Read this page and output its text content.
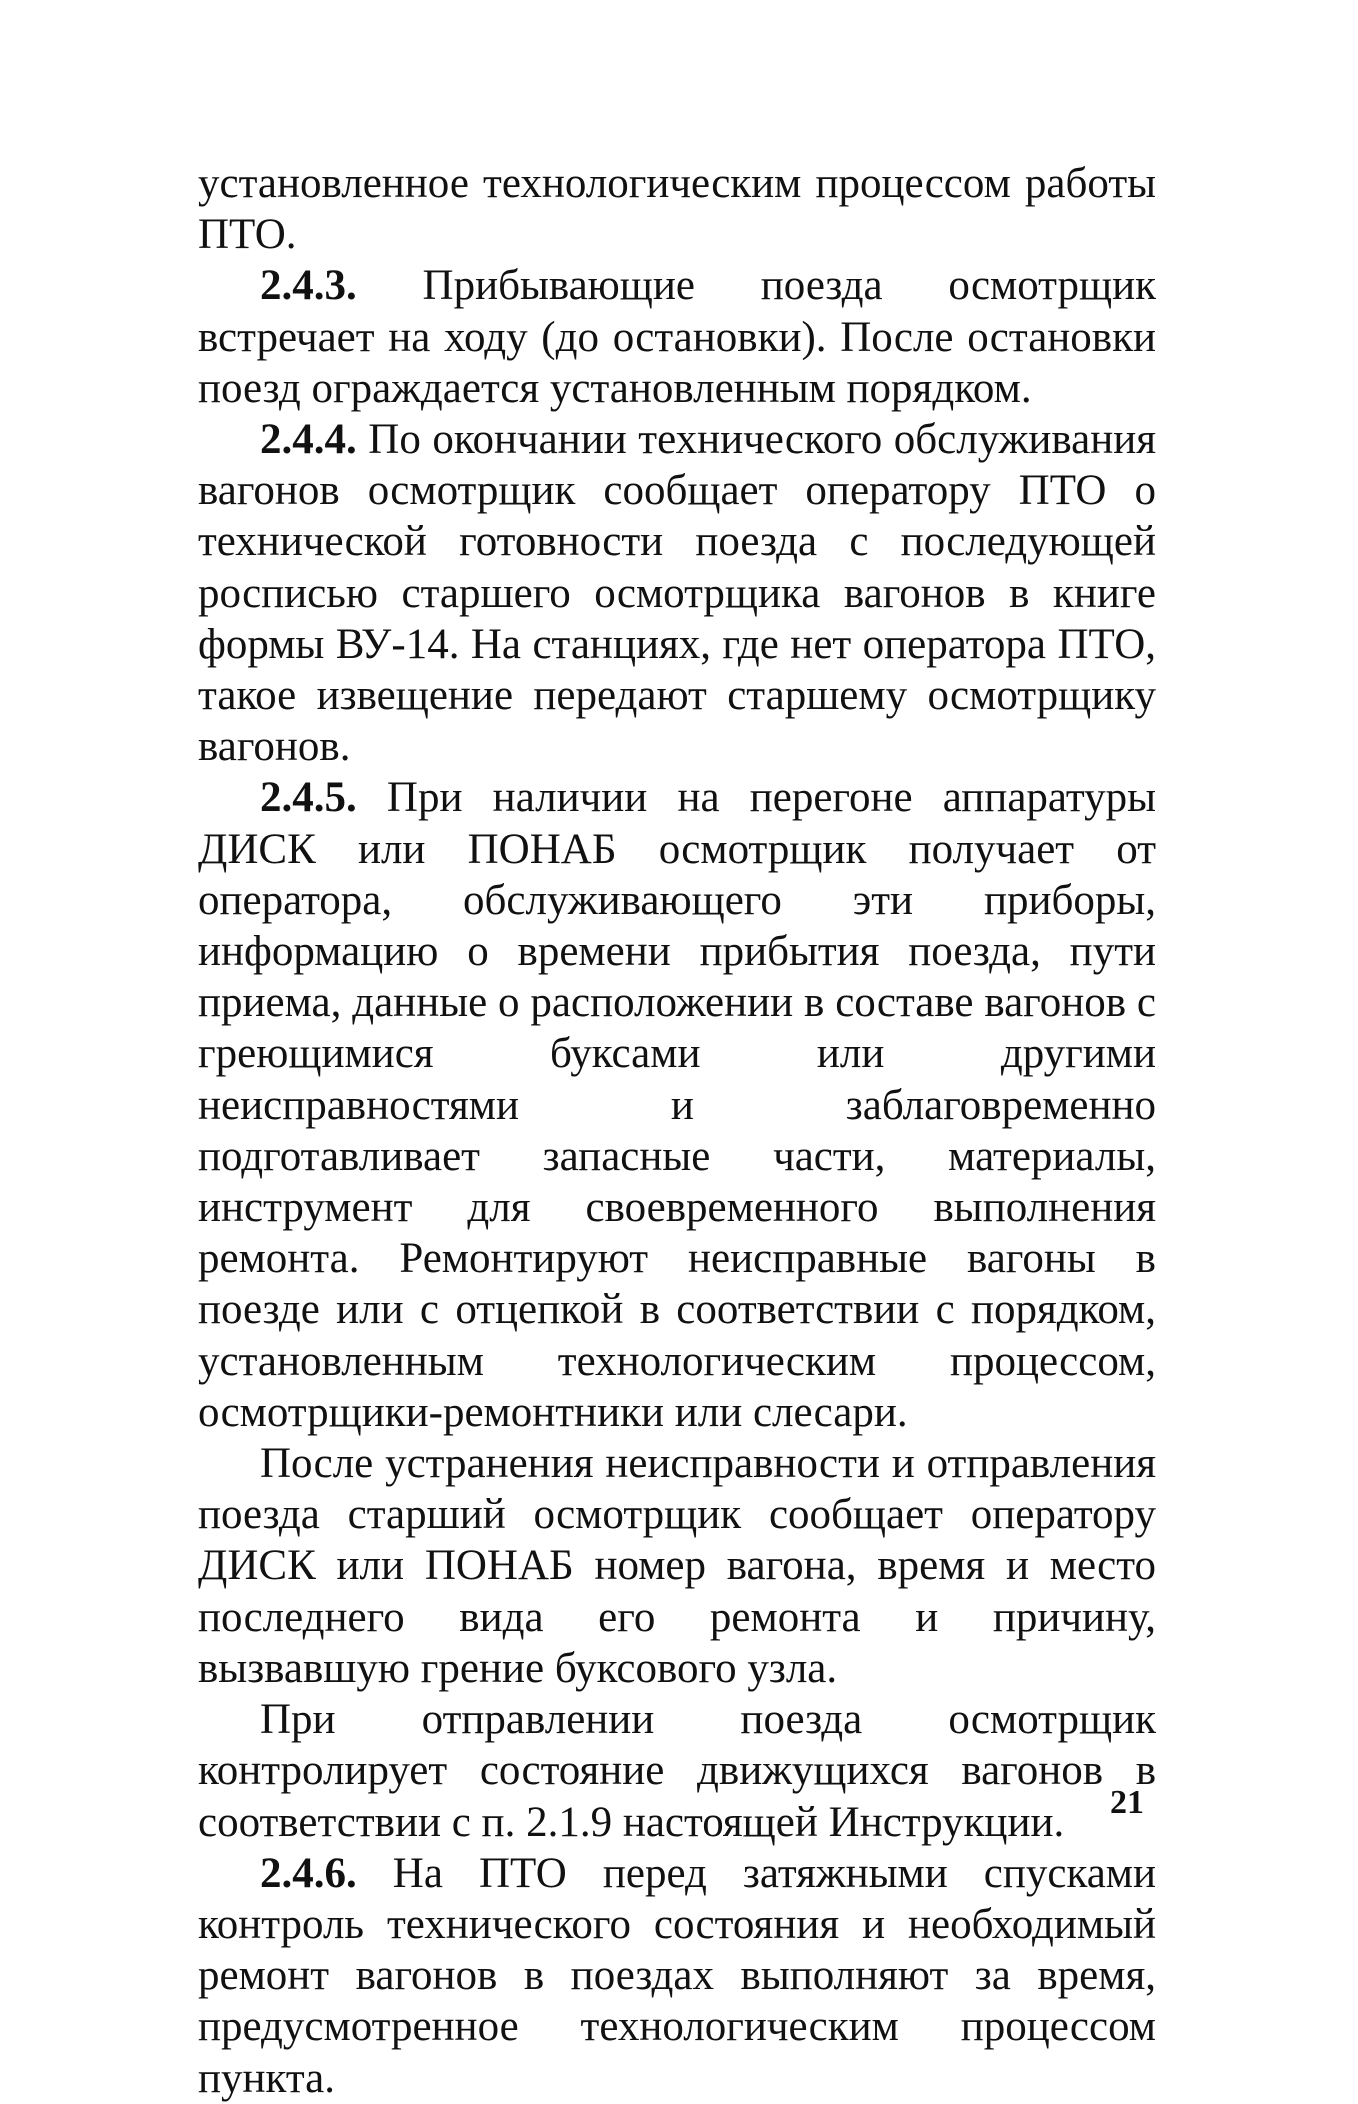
установленное технологическим процессом работы ПТО.

2.4.3. Прибывающие поезда осмотрщик встречает на ходу (до остановки). После остановки поезд ограждается установленным порядком.

2.4.4. По окончании технического обслуживания вагонов осмотрщик сообщает оператору ПТО о технической готовности поезда с последующей росписью старшего осмотрщика вагонов в книге формы ВУ-14. На станциях, где нет оператора ПТО, такое извещение передают старшему осмотрщику вагонов.

2.4.5. При наличии на перегоне аппаратуры ДИСК или ПОНАБ осмотрщик получает от оператора, обслуживающего эти приборы, информацию о времени прибытия поезда, пути приема, данные о расположении в составе вагонов с греющимися буксами или другими неисправностями и заблаговременно подготавливает запасные части, материалы, инструмент для своевременного выполнения ремонта. Ремонтируют неисправные вагоны в поезде или с отцепкой в соответствии с порядком, установленным технологическим процессом, осмотрщики-ремонтники или слесари.

После устранения неисправности и отправления поезда старший осмотрщик сообщает оператору ДИСК или ПОНАБ номер вагона, время и место последнего вида его ремонта и причину, вызвавшую грение буксового узла.

При отправлении поезда осмотрщик контролирует состояние движущихся вагонов в соответствии с п. 2.1.9 настоящей Инструкции.

2.4.6. На ПТО перед затяжными спусками контроль технического состояния и необходимый ремонт вагонов в поездах выполняют за время, предусмотренное технологическим процессом пункта.

21
